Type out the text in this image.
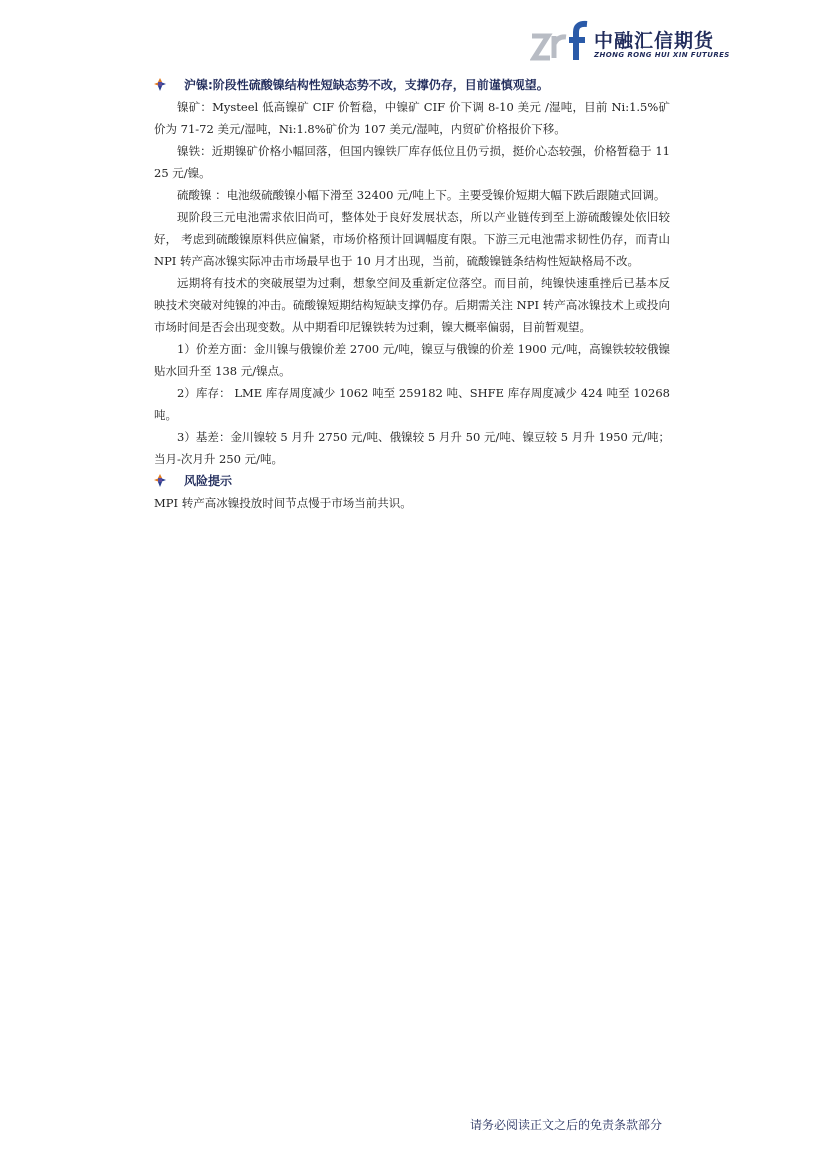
中融汇信期货
ZHONG RONG HUI XIN FUTURES
沪镍:阶段性硫酸镍结构性短缺态势不改，支撑仍存，目前谨慎观望。

镍矿：Mysteel 低高镍矿 CIF 价暂稳，中镍矿 CIF 价下调 8-10 美元 /湿吨，目前 Ni:1.5%矿价为 71-72 美元/湿吨，Ni:1.8%矿价为 107 美元/湿吨，内贸矿价格报价下移。

镍铁：近期镍矿价格小幅回落，但国内镍铁厂库存低位且仍亏损，挺价心态较强，价格暂稳于 1125 元/镍。

硫酸镍 ：电池级硫酸镍小幅下滑至 32400 元/吨上下。主要受镍价短期大幅下跌后跟随式回调。

现阶段三元电池需求依旧尚可，整体处于良好发展状态，所以产业链传到至上游硫酸镍处依旧较好， 考虑到硫酸镍原料供应偏紧，市场价格预计回调幅度有限。下游三元电池需求韧性仍存，而青山 NPI 转产高冰镍实际冲击市场最早也于 10 月才出现，当前，硫酸镍链条结构性短缺格局不改。

远期将有技术的突破展望为过剩，想象空间及重新定位落空。而目前，纯镍快速重挫后已基本反映技术突破对纯镍的冲击。硫酸镍短期结构短缺支撑仍存。后期需关注 NPI 转产高冰镍技术上或投向市场时间是否会出现变数。从中期看印尼镍铁转为过剩，镍大概率偏弱，目前暂观望。

1）价差方面：金川镍与俄镍价差 2700 元/吨，镍豆与俄镍的价差 1900 元/吨，高镍铁较较俄镍贴水回升至 138 元/镍点。

2）库存： LME 库存周度减少 1062 吨至 259182 吨、SHFE 库存周度减少 424 吨至 10268 吨。

3）基差：金川镍较 5 月升 2750 元/吨、俄镍较 5 月升 50 元/吨、镍豆较 5 月升 1950 元/吨；当月-次月升 250 元/吨。

风险提示

MPI 转产高冰镍投放时间节点慢于市场当前共识。

请务必阅读正文之后的免责条款部分
